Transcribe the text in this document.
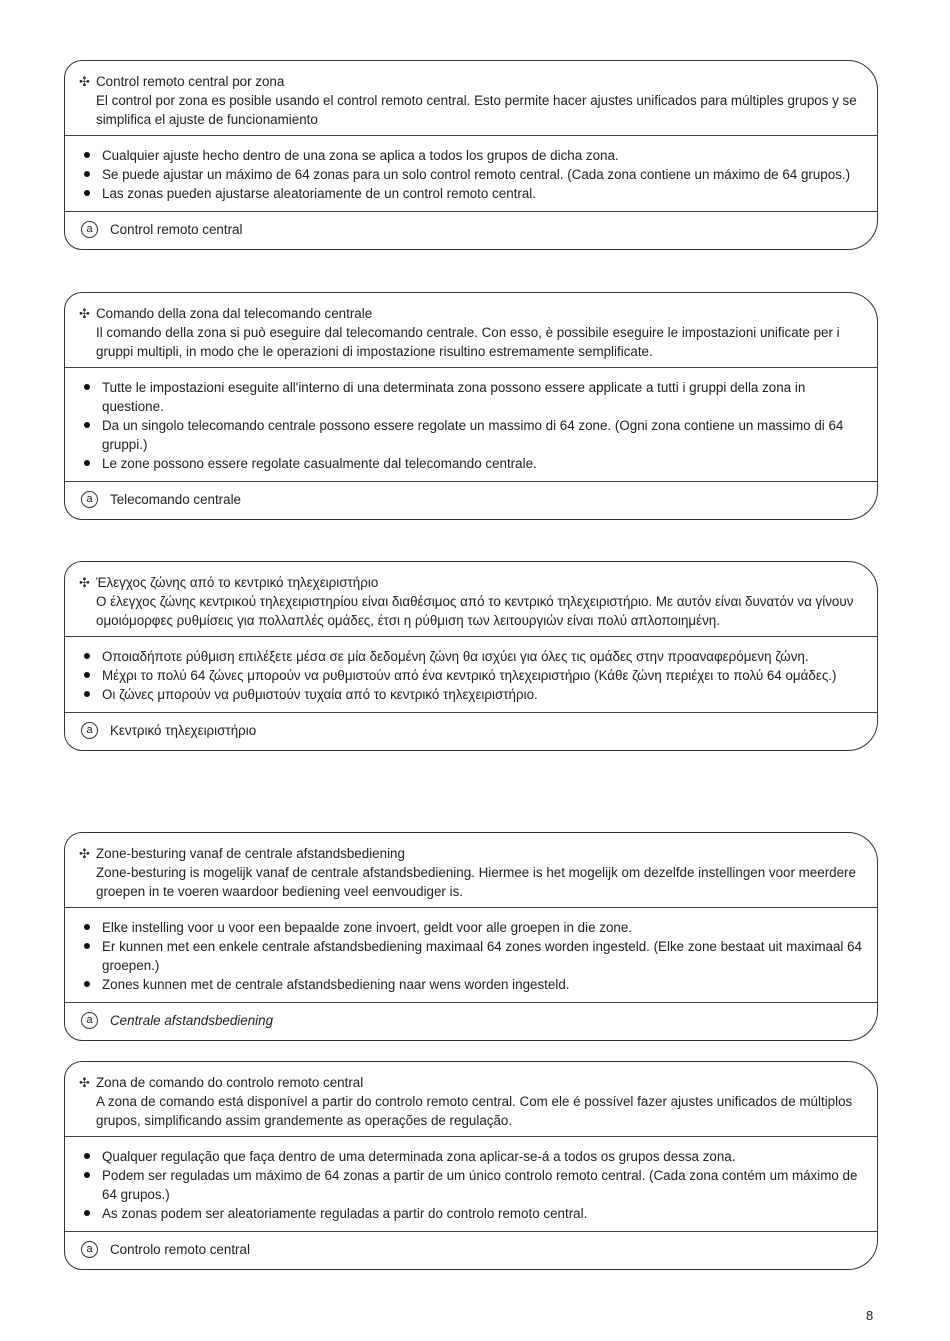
✣ Control remoto central por zona
El control por zona es posible usando el control remoto central. Esto permite hacer ajustes unificados para múltiples grupos y se simplifica el ajuste de funcionamiento
Cualquier ajuste hecho dentro de una zona se aplica a todos los grupos de dicha zona.
Se puede ajustar un máximo de 64 zonas para un solo control remoto central. (Cada zona contiene un máximo de 64 grupos.)
Las zonas pueden ajustarse aleatoriamente de un control remoto central.
a	Control remoto central
✣ Comando della zona dal telecomando centrale
Il comando della zona si può eseguire dal telecomando centrale. Con esso, è possibile eseguire le impostazioni unificate per i gruppi multipli, in modo che le operazioni di impostazione risultino estremamente semplificate.
Tutte le impostazioni eseguite all'interno di una determinata zona possono essere applicate a tutti i gruppi della zona in questione.
Da un singolo telecomando centrale possono essere regolate un massimo di 64 zone. (Ogni zona contiene un massimo di 64 gruppi.)
Le zone possono essere regolate casualmente dal telecomando centrale.
a	Telecomando centrale
✣ Έλεγχος ζώνης από το κεντρικό τηλεχειριστήριο
Ο έλεγχος ζώνης κεντρικού τηλεχειριστηρίου είναι διαθέσιμος από το κεντρικό τηλεχειριστήριο. Με αυτόν είναι δυνατόν να γίνουν ομοιόμορφες ρυθμίσεις για πολλαπλές ομάδες, έτσι η ρύθμιση των λειτουργιών είναι πολύ απλοποιημένη.
Οποιαδήποτε ρύθμιση επιλέξετε μέσα σε μία δεδομένη ζώνη θα ισχύει για όλες τις ομάδες στην προαναφερόμενη ζώνη.
Μέχρι το πολύ 64 ζώνες μπορούν να ρυθμιστούν από ένα κεντρικό τηλεχειριστήριο (Κάθε ζώνη περιέχει το πολύ 64 ομάδες.)
Οι ζώνες μπορούν να ρυθμιστούν τυχαία από το κεντρικό τηλεχειριστήριο.
a	Κεντρικό τηλεχειριστήριο
✣ Zone-besturing vanaf de centrale afstandsbediening
Zone-besturing is mogelijk vanaf de centrale afstandsbediening. Hiermee is het mogelijk om dezelfde instellingen voor meerdere groepen in te voeren waardoor bediening veel eenvoudiger is.
Elke instelling voor u voor een bepaalde zone invoert, geldt voor alle groepen in die zone.
Er kunnen met een enkele centrale afstandsbediening maximaal 64 zones worden ingesteld. (Elke zone bestaat uit maximaal 64 groepen.)
Zones kunnen met de centrale afstandsbediening naar wens worden ingesteld.
a	Centrale afstandsbediening
✣ Zona de comando do controlo remoto central
A zona de comando está disponível a partir do controlo remoto central. Com ele é possível fazer ajustes unificados de múltiplos grupos, simplificando assim grandemente as operações de regulação.
Qualquer regulação que faça dentro de uma determinada zona aplicar-se-á a todos os grupos dessa zona.
Podem ser reguladas um máximo de 64 zonas a partir de um único controlo remoto central. (Cada zona contém um máximo de 64 grupos.)
As zonas podem ser aleatoriamente reguladas a partir do controlo remoto central.
a	Controlo remoto central
8
